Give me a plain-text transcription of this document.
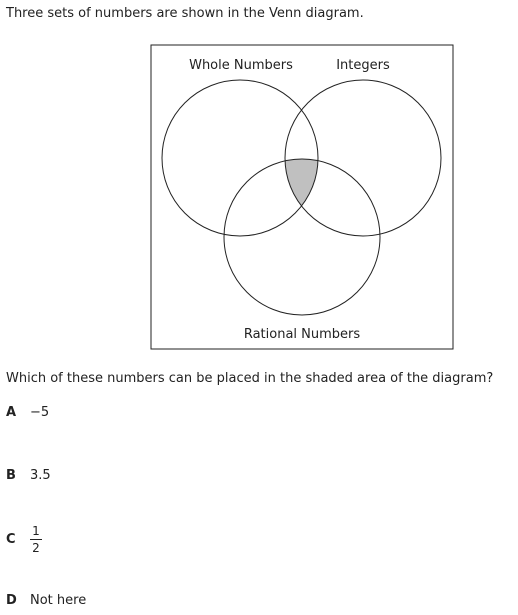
Three sets of numbers are shown in the Venn diagram.
Whole Numbers	Integers
Rational Numbers
Which of these numbers can be placed in the shaded area of the diagram?
A	−5
B	3.5
C	$\frac{1}{2}$
D	Not here
